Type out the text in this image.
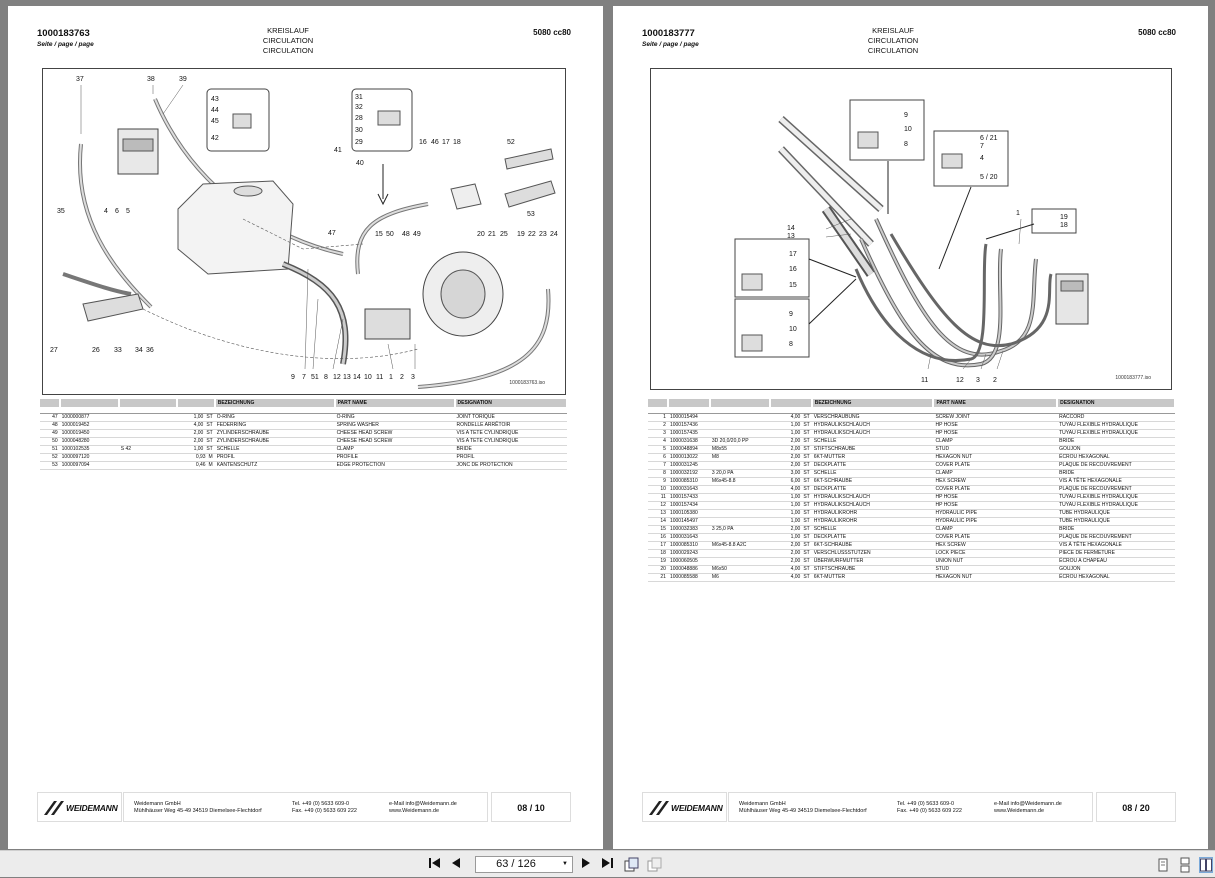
1000183763
Seite / page / page
KREISLAUF
CIRCULATION
CIRCULATION
5080 cc80
37	38	39
43
44
45
42
31
32
28
30
29	16 46 17 18	52
53
41
40
35	4 6 5
47	15 50 48 49	20 21 25 19 22 23 24
27	26 33 34 36
9 7 51 8 12 13 14 10 11 1 2 3
1000183763.iso
				BEZEICHNUNG	PART NAME	DESIGNATION

47	1000000877		1,00 ST	O-RING	O-RING	JOINT TORIQUE
48	1000019452		4,00 ST	FEDERRING	SPRING WASHER	RONDELLE ARRÊTOIR
49	1000019450		2,00 ST	ZYLINDERSCHRAUBE	CHEESE HEAD SCREW	VIS A TETE CYLINDRIQUE
50	1000048280		2,00 ST	ZYLINDERSCHRAUBE	CHEESE HEAD SCREW	VIS A TETE CYLINDRIQUE
51	1000102535	S 42	1,00 ST	SCHELLE	CLAMP	BRIDE
52	1000097120		0,93 M	PROFIL	PROFILE	PROFIL
53	1000097094		0,46 M	KANTENSCHUTZ	EDGE PROTECTION	JONC DE PROTECTION
WEIDEMANN	Weidemann GmbH
Mühlhäuser Weg 45-49 34519 Diemelsee-Flechtdorf
Tel. +49 (0) 5633 609-0
Fax. +49 (0) 5633 609 222
e-Mail info@Weidemann.de
www.Weidemann.de	08 / 10
1000183777
Seite / page / page
KREISLAUF
CIRCULATION
CIRCULATION
5080 cc80
9
10
8
6 / 21
7
4
5 / 20
1
19
18
14
13
17
16
15
9
10
8
11	12 3 2	1000183777.iso
				BEZEICHNUNG	PART NAME	DESIGNATION

1	1000015494		4,00 ST	VERSCHRAUBUNG	SCREW JOINT	RACCORD
2	1000157436		1,00 ST	HYDRAULIKSCHLAUCH	HP HOSE	TUYAU FLEXIBLE HYDRAULIQUE
3	1000157435		1,00 ST	HYDRAULIKSCHLAUCH	HP HOSE	TUYAU FLEXIBLE HYDRAULIQUE
4	1000031638	3D 20,0/20,0 PP	2,00 ST	SCHELLE	CLAMP	BRIDE
5	1000048894	M8x55	2,00 ST	STIFTSCHRAUBE	STUD	GOUJON
6	1000013022	M8	2,00 ST	6KT-MUTTER	HEXAGON NUT	ÉCROU HEXAGONAL
7	1000031245		2,00 ST	DECKPLATTE	COVER PLATE	PLAQUE DE RECOUVREMENT
8	1000032192	3 20,0 PA	3,00 ST	SCHELLE	CLAMP	BRIDE
9	1000085310	M6x45-8.8	6,00 ST	6KT-SCHRAUBE	HEX SCREW	VIS À TÊTE HEXAGONALE
10	1000031643		4,00 ST	DECKPLATTE	COVER PLATE	PLAQUE DE RECOUVREMENT
11	1000157433		1,00 ST	HYDRAULIKSCHLAUCH	HP HOSE	TUYAU FLEXIBLE HYDRAULIQUE
12	1000157434		1,00 ST	HYDRAULIKSCHLAUCH	HP HOSE	TUYAU FLEXIBLE HYDRAULIQUE
13	1000105380		1,00 ST	HYDRAULIKROHR	HYDRAULIC PIPE	TUBE HYDRAULIQUE
14	1000145497		1,00 ST	HYDRAULIKROHR	HYDRAULIC PIPE	TUBE HYDRAULIQUE
15	1000032383	3 25,0 PA	2,00 ST	SCHELLE	CLAMP	BRIDE
16	1000031643		1,00 ST	DECKPLATTE	COVER PLATE	PLAQUE DE RECOUVREMENT
17	1000085310	M6x45-8.8 A2C	2,00 ST	6KT-SCHRAUBE	HEX SCREW	VIS À TÊTE HEXAGONALE
18	1000029243		2,00 ST	VERSCHLUSSSTUTZEN	LOCK PIECE	PIECE DE FERMETURE
19	1000060505		2,00 ST	ÜBERWURFMUTTER	UNION NUT	ÉCROU A CHAPEAU
20	1000048886	M6x50	4,00 ST	STIFTSCHRAUBE	STUD	GOUJON
21	1000085588	M6	4,00 ST	6KT-MUTTER	HEXAGON NUT	ÉCROU HEXAGONAL
WEIDEMANN	Weidemann GmbH
Mühlhäuser Weg 45-49 34519 Diemelsee-Flechtdorf
Tel. +49 (0) 5633 609-0
Fax. +49 (0) 5633 609 222
e-Mail info@Weidemann.de
www.Weidemann.de	08 / 20
63 / 126	▼
